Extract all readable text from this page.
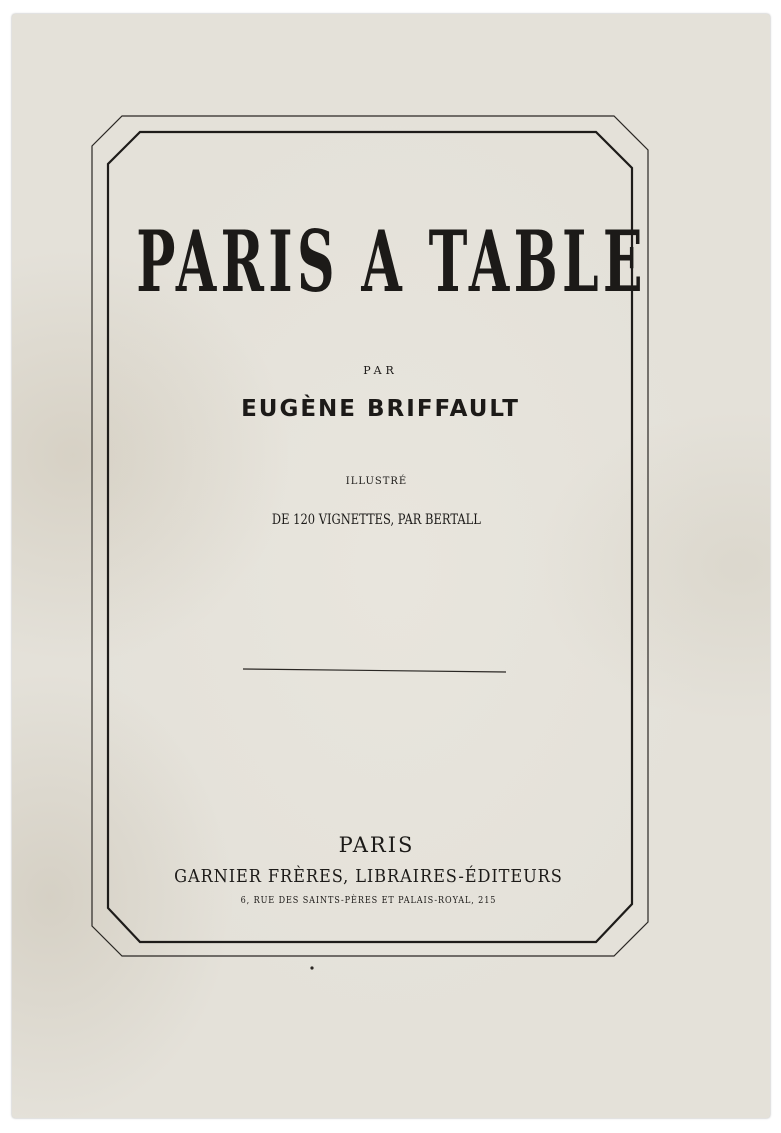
PARIS A TABLE
PAR
EUGÈNE BRIFFAULT
ILLUSTRÉ
DE 120 VIGNETTES, PAR BERTALL
PARIS
GARNIER FRÈRES, LIBRAIRES-ÉDITEURS
6, RUE DES SAINTS-PÈRES ET PALAIS-ROYAL, 215
